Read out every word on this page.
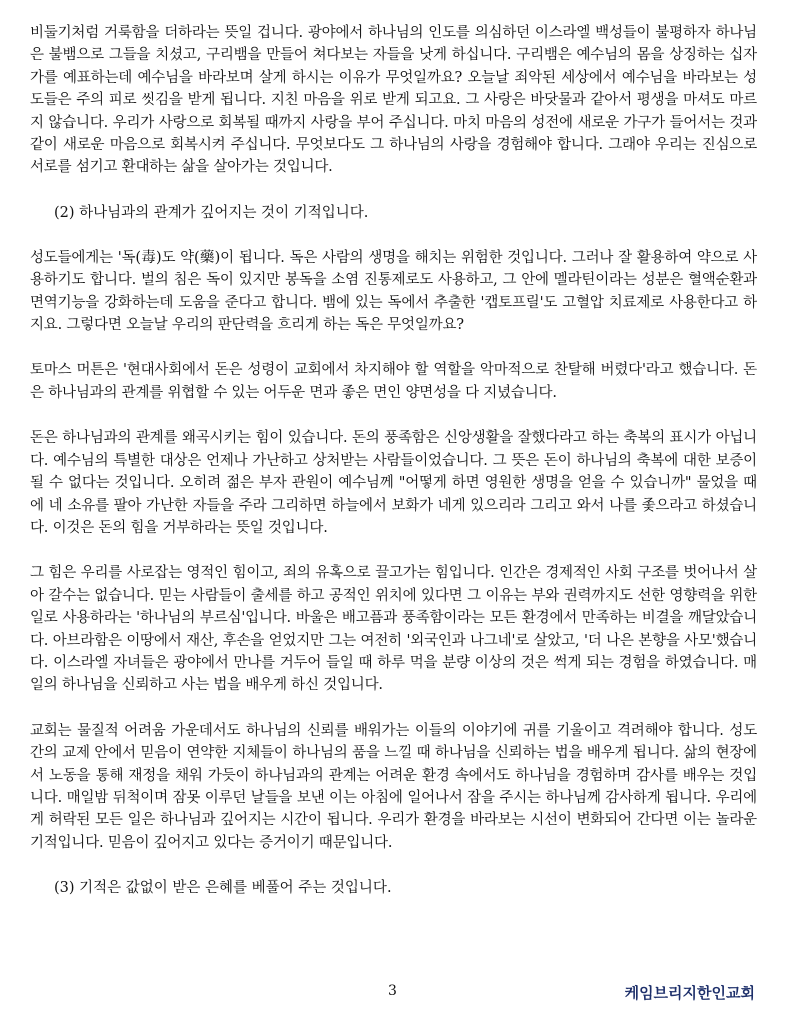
비둘기처럼 거룩함을 더하라는 뜻일 겁니다. 광야에서 하나님의 인도를 의심하던 이스라엘 백성들이 불평하자 하나님은 불뱀으로 그들을 치셨고, 구리뱀을 만들어 쳐다보는 자들을 낫게 하십니다. 구리뱀은 예수님의 몸을 상징하는 십자가를 예표하는데 예수님을 바라보며 살게 하시는 이유가 무엇일까요? 오늘날 죄악된 세상에서 예수님을 바라보는 성도들은 주의 피로 씻김을 받게 됩니다. 지친 마음을 위로 받게 되고요. 그 사랑은 바닷물과 같아서 평생을 마셔도 마르지 않습니다. 우리가 사랑으로 회복될 때까지 사랑을 부어 주십니다. 마치 마음의 성전에 새로운 가구가 들어서는 것과 같이 새로운 마음으로 회복시켜 주십니다. 무엇보다도 그 하나님의 사랑을 경험해야 합니다. 그래야 우리는 진심으로 서로를 섬기고 환대하는 삶을 살아가는 것입니다.

(2) 하나님과의 관계가 깊어지는 것이 기적입니다.

성도들에게는 '독(毒)도 약(藥)이 됩니다. 독은 사람의 생명을 해치는 위험한 것입니다. 그러나 잘 활용하여 약으로 사용하기도 합니다. 벌의 침은 독이 있지만 봉독을 소염 진통제로도 사용하고, 그 안에 멜라틴이라는 성분은 혈액순환과 면역기능을 강화하는데 도움을 준다고 합니다. 뱀에 있는 독에서 추출한 '캡토프릴'도 고혈압 치료제로 사용한다고 하지요. 그렇다면 오늘날 우리의 판단력을 흐리게 하는 독은 무엇일까요?

토마스 머튼은 '현대사회에서 돈은 성령이 교회에서 차지해야 할 역할을 악마적으로 찬탈해 버렸다'라고 했습니다. 돈은 하나님과의 관계를 위협할 수 있는 어두운 면과 좋은 면인 양면성을 다 지녔습니다.

돈은 하나님과의 관계를 왜곡시키는 힘이 있습니다. 돈의 풍족함은 신앙생활을 잘했다라고 하는 축복의 표시가 아닙니다. 예수님의 특별한 대상은 언제나 가난하고 상처받는 사람들이었습니다. 그 뜻은 돈이 하나님의 축복에 대한 보증이 될 수 없다는 것입니다. 오히려 젊은 부자 관원이 예수님께 "어떻게 하면 영원한 생명을 얻을 수 있습니까" 물었을 때에 네 소유를 팔아 가난한 자들을 주라 그리하면 하늘에서 보화가 네게 있으리라 그리고 와서 나를 좇으라고 하셨습니다. 이것은 돈의 힘을 거부하라는 뜻일 것입니다.

그 힘은 우리를 사로잡는 영적인 힘이고, 죄의 유혹으로 끌고가는 힘입니다. 인간은 경제적인 사회 구조를 벗어나서 살아 갈수는 없습니다. 믿는 사람들이 출세를 하고 공적인 위치에 있다면 그 이유는 부와 권력까지도 선한 영향력을 위한 일로 사용하라는 '하나님의 부르심'입니다. 바울은 배고픔과 풍족함이라는 모든 환경에서 만족하는 비결을 깨달았습니다. 아브라함은 이땅에서 재산, 후손을 얻었지만 그는 여전히 '외국인과 나그네'로 살았고, '더 나은 본향을 사모'했습니다. 이스라엘 자녀들은 광야에서 만나를 거두어 들일 때 하루 먹을 분량 이상의 것은 썩게 되는 경험을 하였습니다. 매일의 하나님을 신뢰하고 사는 법을 배우게 하신 것입니다.

교회는 물질적 어려움 가운데서도 하나님의 신뢰를 배워가는 이들의 이야기에 귀를 기울이고 격려해야 합니다. 성도 간의 교제 안에서 믿음이 연약한 지체들이 하나님의 품을 느낄 때 하나님을 신뢰하는 법을 배우게 됩니다. 삶의 현장에서 노동을 통해 재정을 채워 가듯이 하나님과의 관계는 어려운 환경 속에서도 하나님을 경험하며 감사를 배우는 것입니다. 매일밤 뒤척이며 잠못 이루던 날들을 보낸 이는 아침에 일어나서 잠을 주시는 하나님께 감사하게 됩니다. 우리에게 허락된 모든 일은 하나님과 깊어지는 시간이 됩니다. 우리가 환경을 바라보는 시선이 변화되어 간다면 이는 놀라운 기적입니다. 믿음이 깊어지고 있다는 증거이기 때문입니다.

(3) 기적은 값없이 받은 은혜를 베풀어 주는 것입니다.

3	케임브리지한인교회
